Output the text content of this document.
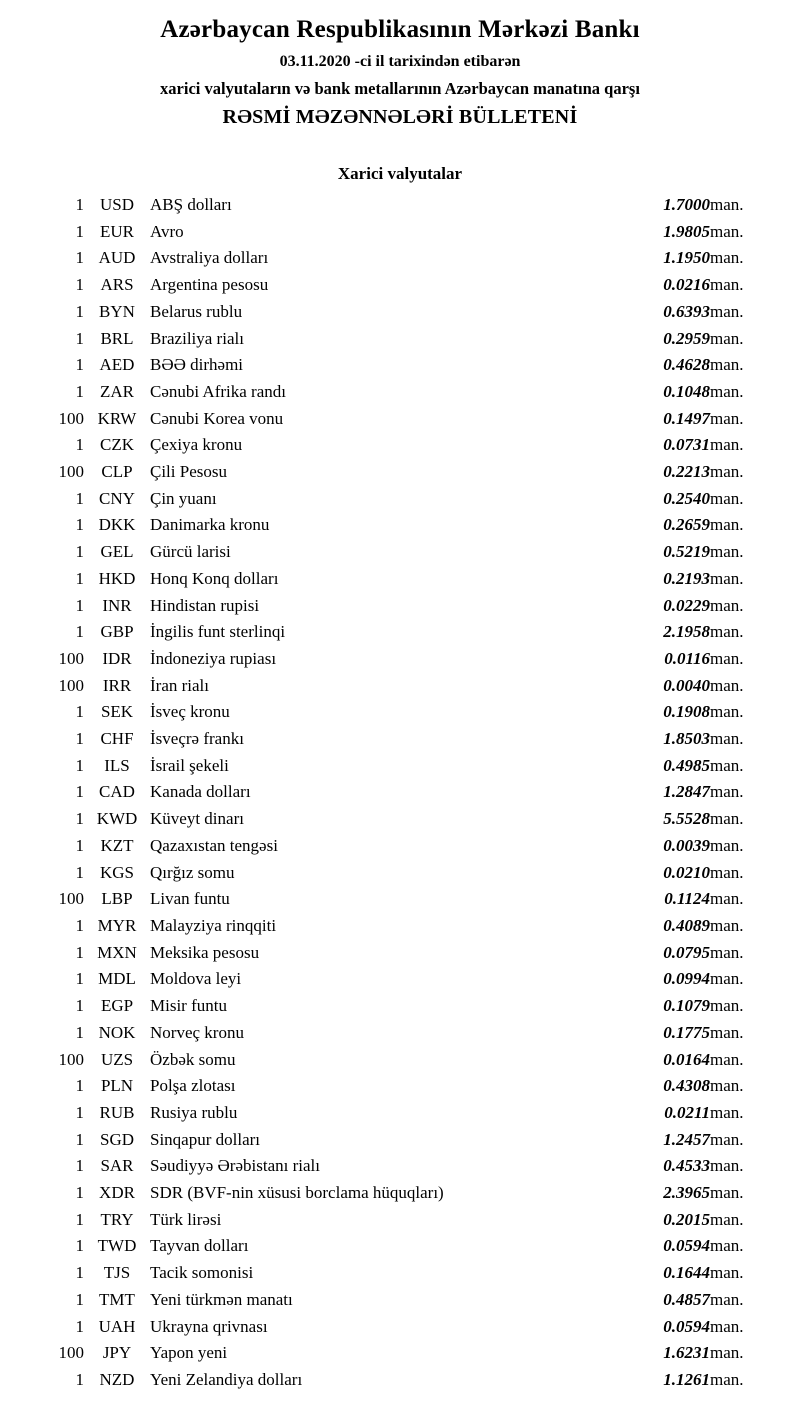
Azərbaycan Respublikasının Mərkəzi Bankı
03.11.2020 -ci il tarixindən etibarən
xarici valyutaların və bank metallarının Azərbaycan manatına qarşı
RƏSMİ MƏZƏNNƏLƏRİ BÜLLETENİ
Xarici valyutalar
1	USD	ABŞ dolları	1.7000	man.
1	EUR	Avro	1.9805	man.
1	AUD	Avstraliya dolları	1.1950	man.
1	ARS	Argentina pesosu	0.0216	man.
1	BYN	Belarus rublu	0.6393	man.
1	BRL	Braziliya rialı	0.2959	man.
1	AED	BƏƏ dirhəmi	0.4628	man.
1	ZAR	Cənubi Afrika randı	0.1048	man.
100	KRW	Cənubi Korea vonu	0.1497	man.
1	CZK	Çexiya kronu	0.0731	man.
100	CLP	Çili Pesosu	0.2213	man.
1	CNY	Çin yuanı	0.2540	man.
1	DKK	Danimarka kronu	0.2659	man.
1	GEL	Gürcü larisi	0.5219	man.
1	HKD	Honq Konq dolları	0.2193	man.
1	INR	Hindistan rupisi	0.0229	man.
1	GBP	İngilis funt sterlinqi	2.1958	man.
100	IDR	İndoneziya rupiası	0.0116	man.
100	IRR	İran rialı	0.0040	man.
1	SEK	İsveç kronu	0.1908	man.
1	CHF	İsveçrə frankı	1.8503	man.
1	ILS	İsrail şekeli	0.4985	man.
1	CAD	Kanada dolları	1.2847	man.
1	KWD	Küveyt dinarı	5.5528	man.
1	KZT	Qazaxıstan tengəsi	0.0039	man.
1	KGS	Qırğız somu	0.0210	man.
100	LBP	Livan funtu	0.1124	man.
1	MYR	Malayziya rinqqiti	0.4089	man.
1	MXN	Meksika pesosu	0.0795	man.
1	MDL	Moldova leyi	0.0994	man.
1	EGP	Misir funtu	0.1079	man.
1	NOK	Norveç kronu	0.1775	man.
100	UZS	Özbək somu	0.0164	man.
1	PLN	Polşa zlotası	0.4308	man.
1	RUB	Rusiya rublu	0.0211	man.
1	SGD	Sinqapur dolları	1.2457	man.
1	SAR	Səudiyyə Ərəbistanı rialı	0.4533	man.
1	XDR	SDR (BVF-nin xüsusi borclama hüquqları)	2.3965	man.
1	TRY	Türk lirəsi	0.2015	man.
1	TWD	Tayvan dolları	0.0594	man.
1	TJS	Tacik somonisi	0.1644	man.
1	TMT	Yeni türkmən manatı	0.4857	man.
1	UAH	Ukrayna qrivnası	0.0594	man.
100	JPY	Yapon yeni	1.6231	man.
1	NZD	Yeni Zelandiya dolları	1.1261	man.
